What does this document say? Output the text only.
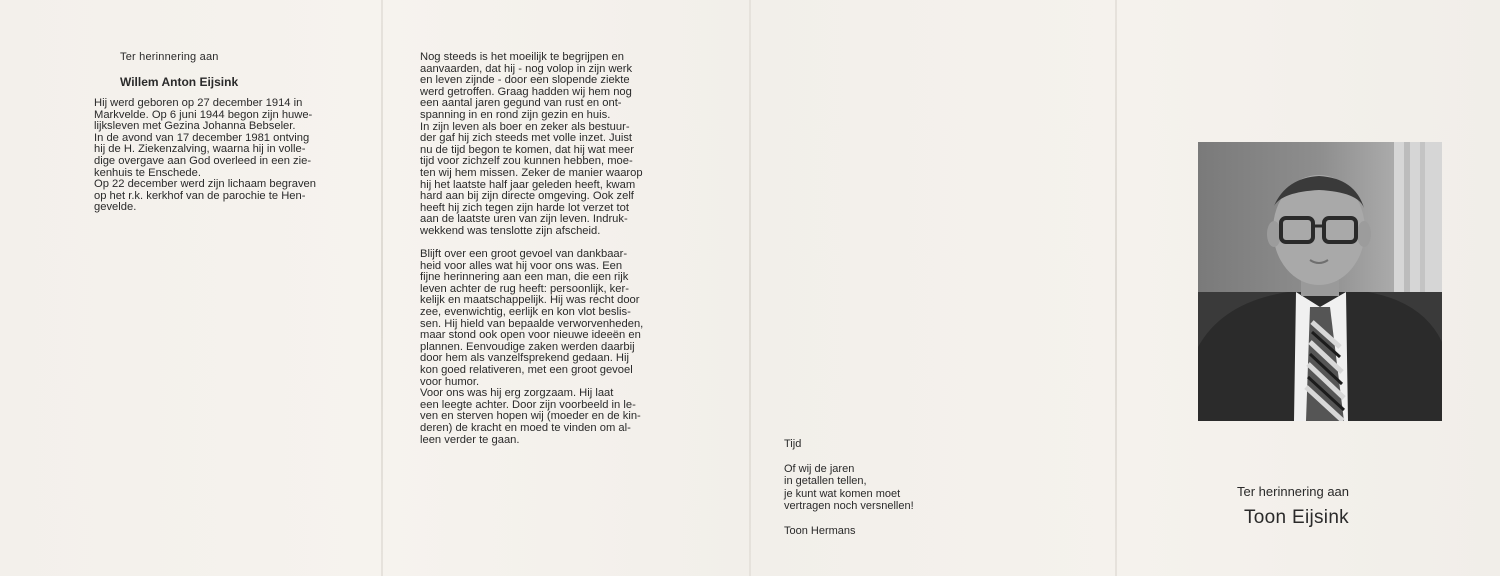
Ter herinnering aan
Willem Anton Eijsink
Hij werd geboren op 27 december 1914 in
Markvelde. Op 6 juni 1944 begon zijn huwe-
lijksleven met Gezina Johanna Bebseler.
In de avond van 17 december 1981 ontving
hij de H. Ziekenzalving, waarna hij in volle-
dige overgave aan God overleed in een zie-
kenhuis te Enschede.
Op 22 december werd zijn lichaam begraven
op het r.k. kerkhof van de parochie te Hen-
gevelde.
Nog steeds is het moeilijk te begrijpen en
aanvaarden, dat hij - nog volop in zijn werk
en leven zijnde - door een slopende ziekte
werd getroffen. Graag hadden wij hem nog
een aantal jaren gegund van rust en ont-
spanning in en rond zijn gezin en huis.
In zijn leven als boer en zeker als bestuur-
der gaf hij zich steeds met volle inzet. Juist
nu de tijd begon te komen, dat hij wat meer
tijd voor zichzelf zou kunnen hebben, moe-
ten wij hem missen. Zeker de manier waarop
hij het laatste half jaar geleden heeft, kwam
hard aan bij zijn directe omgeving. Ook zelf
heeft hij zich tegen zijn harde lot verzet tot
aan de laatste uren van zijn leven. Indruk-
wekkend was tenslotte zijn afscheid.
Blijft over een groot gevoel van dankbaar-
heid voor alles wat hij voor ons was. Een
fijne herinnering aan een man, die een rijk
leven achter de rug heeft: persoonlijk, ker-
kelijk en maatschappelijk. Hij was recht door
zee, evenwichtig, eerlijk en kon vlot beslis-
sen. Hij hield van bepaalde verworvenheden,
maar stond ook open voor nieuwe ideeën en
plannen. Eenvoudige zaken werden daarbij
door hem als vanzelfsprekend gedaan. Hij
kon goed relativeren, met een groot gevoel
voor humor.
Voor ons was hij erg zorgzaam. Hij laat
een leegte achter. Door zijn voorbeeld in le-
ven en sterven hopen wij (moeder en de kin-
deren) de kracht en moed te vinden om al-
leen verder te gaan.	Tijd
Of wij de jaren
in getallen tellen,
je kunt wat komen moet
vertragen noch versnellen!
Toon Hermans
Ter herinnering aan
Toon Eijsink
